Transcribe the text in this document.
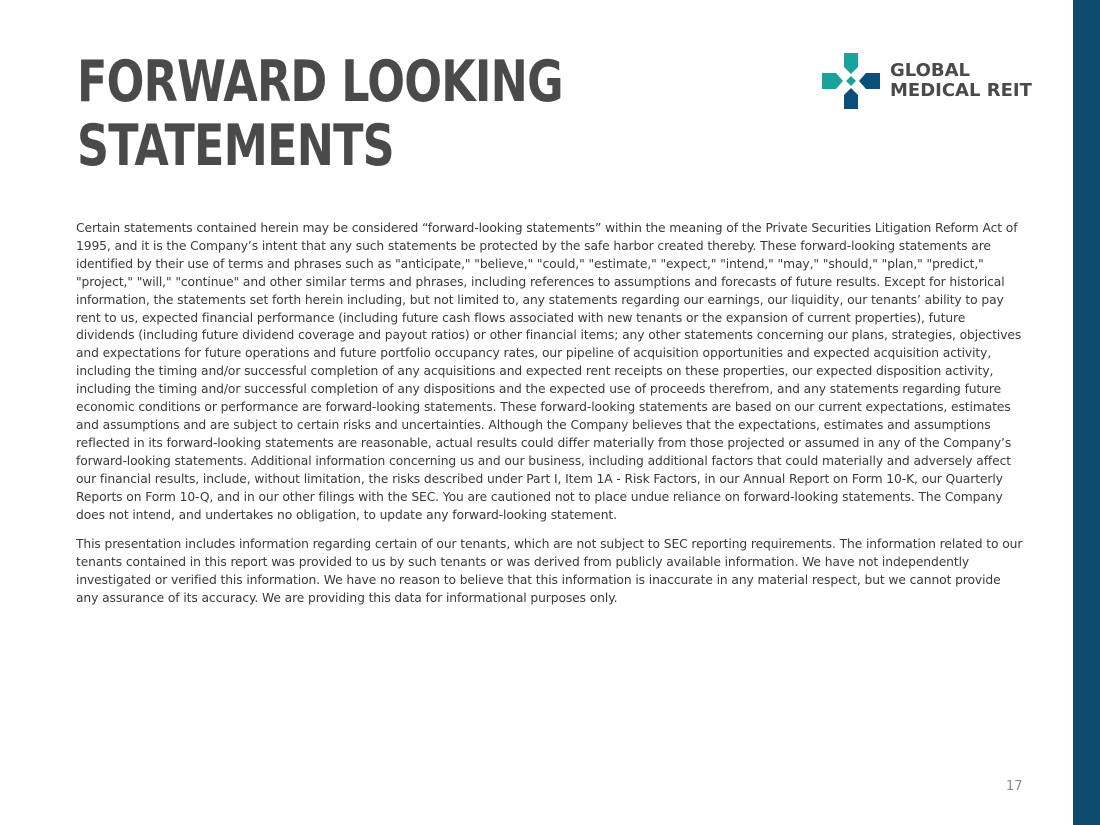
FORWARD LOOKING
STATEMENTS
GLOBAL
MEDICAL REIT

Certain statements contained herein may be considered “forward-looking statements” within the meaning of the Private Securities Litigation Reform Act of 1995, and it is the Company’s intent that any such statements be protected by the safe harbor created thereby. These forward-looking statements are identified by their use of terms and phrases such as "anticipate," "believe," "could," "estimate," "expect," "intend," "may," "should," "plan," "predict," "project," "will," "continue" and other similar terms and phrases, including references to assumptions and forecasts of future results. Except for historical information, the statements set forth herein including, but not limited to, any statements regarding our earnings, our liquidity, our tenants’ ability to pay rent to us, expected financial performance (including future cash flows associated with new tenants or the expansion of current properties), future dividends (including future dividend coverage and payout ratios) or other financial items; any other statements concerning our plans, strategies, objectives and expectations for future operations and future portfolio occupancy rates, our pipeline of acquisition opportunities and expected acquisition activity, including the timing and/or successful completion of any acquisitions and expected rent receipts on these properties, our expected disposition activity, including the timing and/or successful completion of any dispositions and the expected use of proceeds therefrom, and any statements regarding future economic conditions or performance are forward-looking statements. These forward-looking statements are based on our current expectations, estimates and assumptions and are subject to certain risks and uncertainties. Although the Company believes that the expectations, estimates and assumptions reflected in its forward-looking statements are reasonable, actual results could differ materially from those projected or assumed in any of the Company’s forward-looking statements. Additional information concerning us and our business, including additional factors that could materially and adversely affect our financial results, include, without limitation, the risks described under Part I, Item 1A - Risk Factors, in our Annual Report on Form 10-K, our Quarterly Reports on Form 10-Q, and in our other filings with the SEC. You are cautioned not to place undue reliance on forward-looking statements. The Company does not intend, and undertakes no obligation, to update any forward-looking statement.

This presentation includes information regarding certain of our tenants, which are not subject to SEC reporting requirements. The information related to our tenants contained in this report was provided to us by such tenants or was derived from publicly available information. We have not independently investigated or verified this information. We have no reason to believe that this information is inaccurate in any material respect, but we cannot provide any assurance of its accuracy. We are providing this data for informational purposes only.

17
